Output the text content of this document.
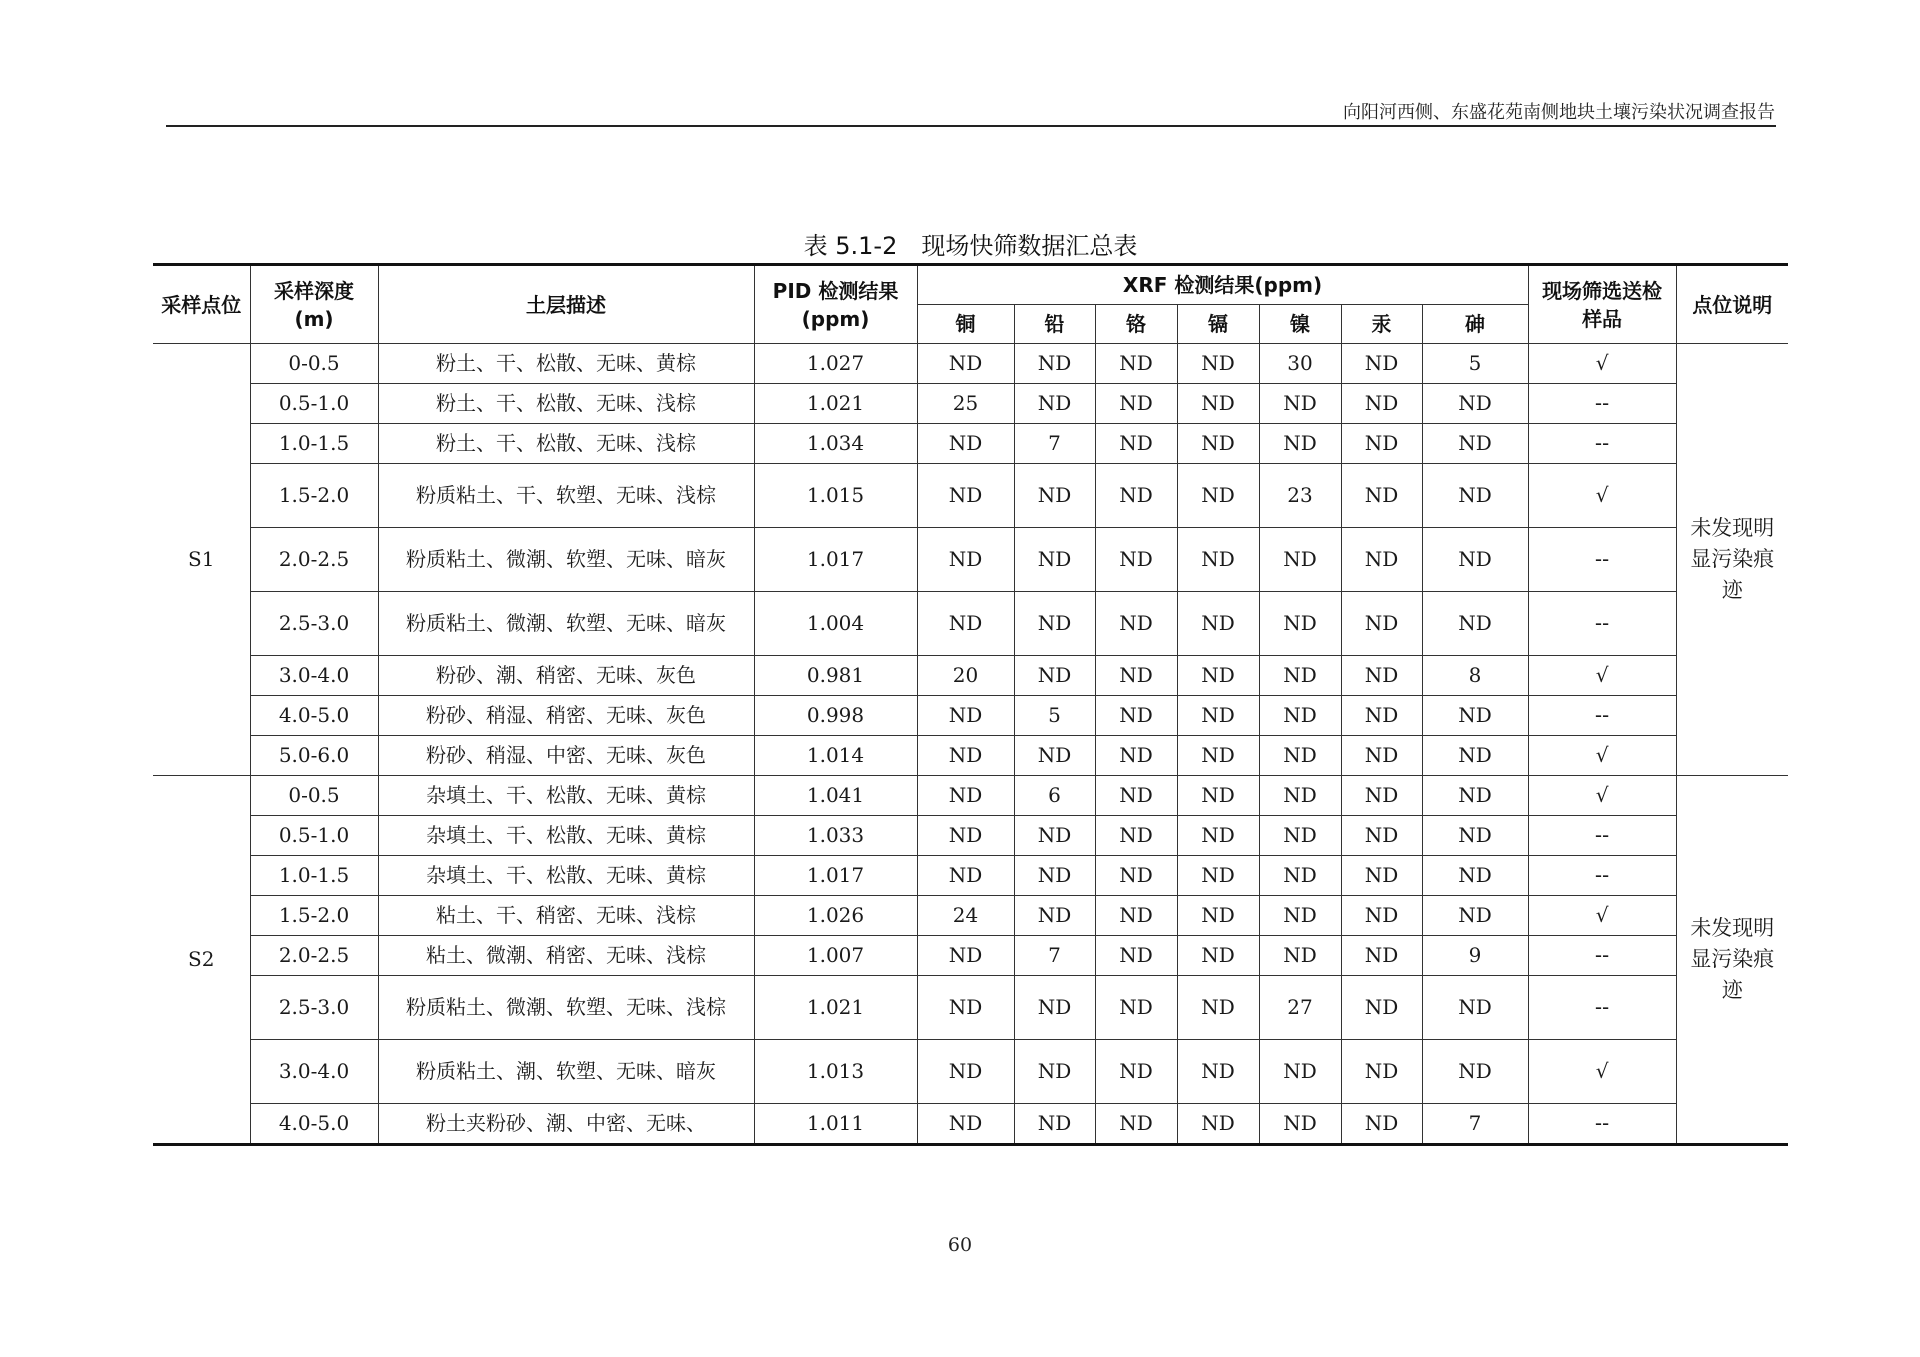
向阳河西侧、东盛花苑南侧地块土壤污染状况调查报告
表 5.1-2　现场快筛数据汇总表
采样点位	采样深度(m)	土层描述	PID 检测结果(ppm)	XRF 检测结果(ppm)							现场筛选送检样品	点位说明
				铜	铅	铬	镉	镍	汞	砷		
S1	0-0.5	粉土、干、松散、无味、黄棕	1.027	ND	ND	ND	ND	30	ND	5	√	未发现明显污染痕迹
	0.5-1.0	粉土、干、松散、无味、浅棕	1.021	25	ND	ND	ND	ND	ND	ND	--	
	1.0-1.5	粉土、干、松散、无味、浅棕	1.034	ND	7	ND	ND	ND	ND	ND	--	
	1.5-2.0	粉质粘土、干、软塑、无味、浅棕	1.015	ND	ND	ND	ND	23	ND	ND	√	
	2.0-2.5	粉质粘土、微潮、软塑、无味、暗灰	1.017	ND	ND	ND	ND	ND	ND	ND	--	
	2.5-3.0	粉质粘土、微潮、软塑、无味、暗灰	1.004	ND	ND	ND	ND	ND	ND	ND	--	
	3.0-4.0	粉砂、潮、稍密、无味、灰色	0.981	20	ND	ND	ND	ND	ND	8	√	
	4.0-5.0	粉砂、稍湿、稍密、无味、灰色	0.998	ND	5	ND	ND	ND	ND	ND	--	
	5.0-6.0	粉砂、稍湿、中密、无味、灰色	1.014	ND	ND	ND	ND	ND	ND	ND	√	
S2	0-0.5	杂填土、干、松散、无味、黄棕	1.041	ND	6	ND	ND	ND	ND	ND	√	未发现明显污染痕迹
	0.5-1.0	杂填土、干、松散、无味、黄棕	1.033	ND	ND	ND	ND	ND	ND	ND	--	
	1.0-1.5	杂填土、干、松散、无味、黄棕	1.017	ND	ND	ND	ND	ND	ND	ND	--	
	1.5-2.0	粘土、干、稍密、无味、浅棕	1.026	24	ND	ND	ND	ND	ND	ND	√	
	2.0-2.5	粘土、微潮、稍密、无味、浅棕	1.007	ND	7	ND	ND	ND	ND	9	--	
	2.5-3.0	粉质粘土、微潮、软塑、无味、浅棕	1.021	ND	ND	ND	ND	27	ND	ND	--	
	3.0-4.0	粉质粘土、潮、软塑、无味、暗灰	1.013	ND	ND	ND	ND	ND	ND	ND	√	
	4.0-5.0	粉土夹粉砂、潮、中密、无味、	1.011	ND	ND	ND	ND	ND	ND	7	--	
60
